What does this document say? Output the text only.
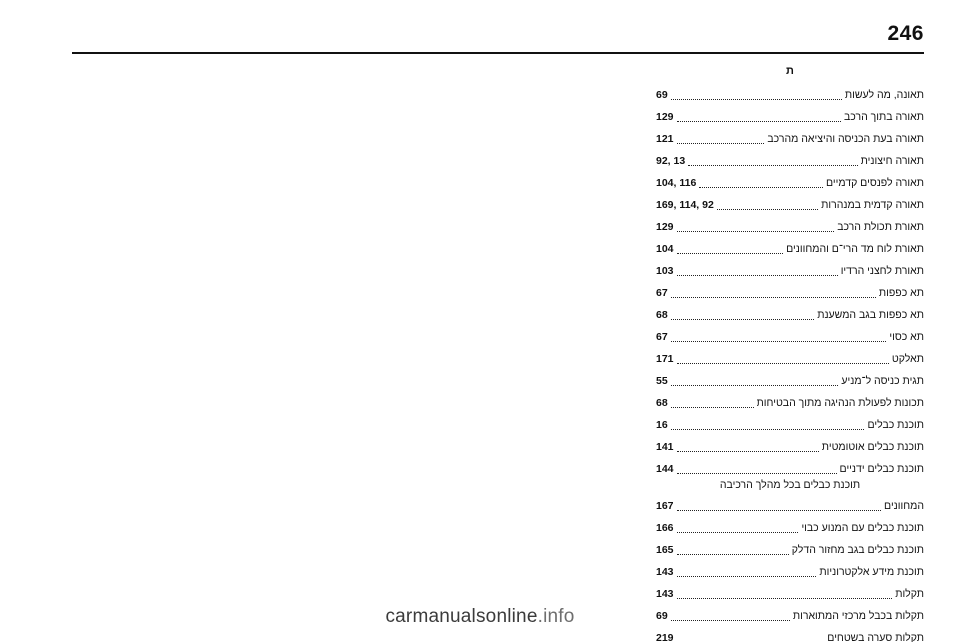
246
ת
תאונה, מה לעשות
69
תאורה בתוך הרכב
129
תאורה בעת הכניסה והיציאה מהרכב
121
תאורה חיצונית
92, 13
תאורה לפנסים קדמיים
104, 116
תאורה קדמית במנהרות
169, 114, 92
תאורת תכולת הרכב
129
תאורת לוח מד הרי־ם והמחוונים
104
תאורת לחצני הרדיו
103
תא כפפות
67
תא כפפות בגב המשענת
68
תא כסוי
67
תאלקט
171
תגית כניסה ל־מניע
55
תכונות לפעולת הנהיגה מתוך הבטיחות
68
תוכנת כבלים
16
תוכנת כבלים אוטומטית
141
תוכנת כבלים ידניים
144
תוכנת כבלים בכל מהלך הרכיבה
המחוונים
167
תוכנת כבלים עם המנוע כבוי
166
תוכנת כבלים בגב מחזור הדלק
165
תוכנת מידע אלקטרוניות
143
תקלות
143
תקלות בכבל מרכזי המתוארות
69
תקלות סערה בשטחים
219
carmanualsonline.info
